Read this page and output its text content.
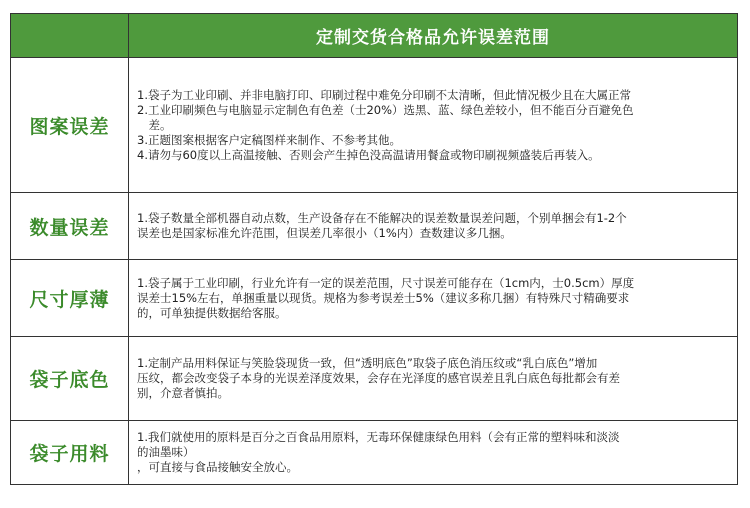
定制交货合格品允许误差范围
图案误差
1.袋子为工业印刷、并非电脑打印、印刷过程中难免分印刷不太清晰，但此情况极少且在大属正常
2.工业印刷频色与电脑显示定制色有色差（士20%）选黑、蓝、绿色差较小，但不能百分百避免色
　差。
3.正题图案根据客户定稿图样来制作、不参考其他。
4.请勿与60度以上高温接触、否则会产生掉色没高温请用餐盒或物印刷视频盛装后再装入。
数量误差 1.袋子数量全部机器自动点数，生产设备存在不能解决的误差数量误差问题，个别单捆会有1-2个
误差也是国家标准允许范围，但误差几率很小（1%内）查数建议多几捆。
尺寸厚薄
1.袋子属于工业印刷，行业允许有一定的误差范围，尺寸误差可能存在（1cm内，士0.5cm）厚度
误差士15%左右，单捆重量以现货。规格为参考误差士5%（建议多称几捆）有特殊尺寸精确要求
的，可单独提供数据给客服。
袋子底色
1.定制产品用料保证与笑脸袋现货一致，但“透明底色”取袋子底色消压纹或“乳白底色”增加
压纹，都会改变袋子本身的光误差泽度效果，会存在光泽度的感官误差且乳白底色每批都会有差
别，介意者慎拍。
袋子用料
1.我们就使用的原料是百分之百食品用原料，无毒环保健康绿色用料（会有正常的塑料味和淡淡
的油墨味）
，可直接与食品接触安全放心。
